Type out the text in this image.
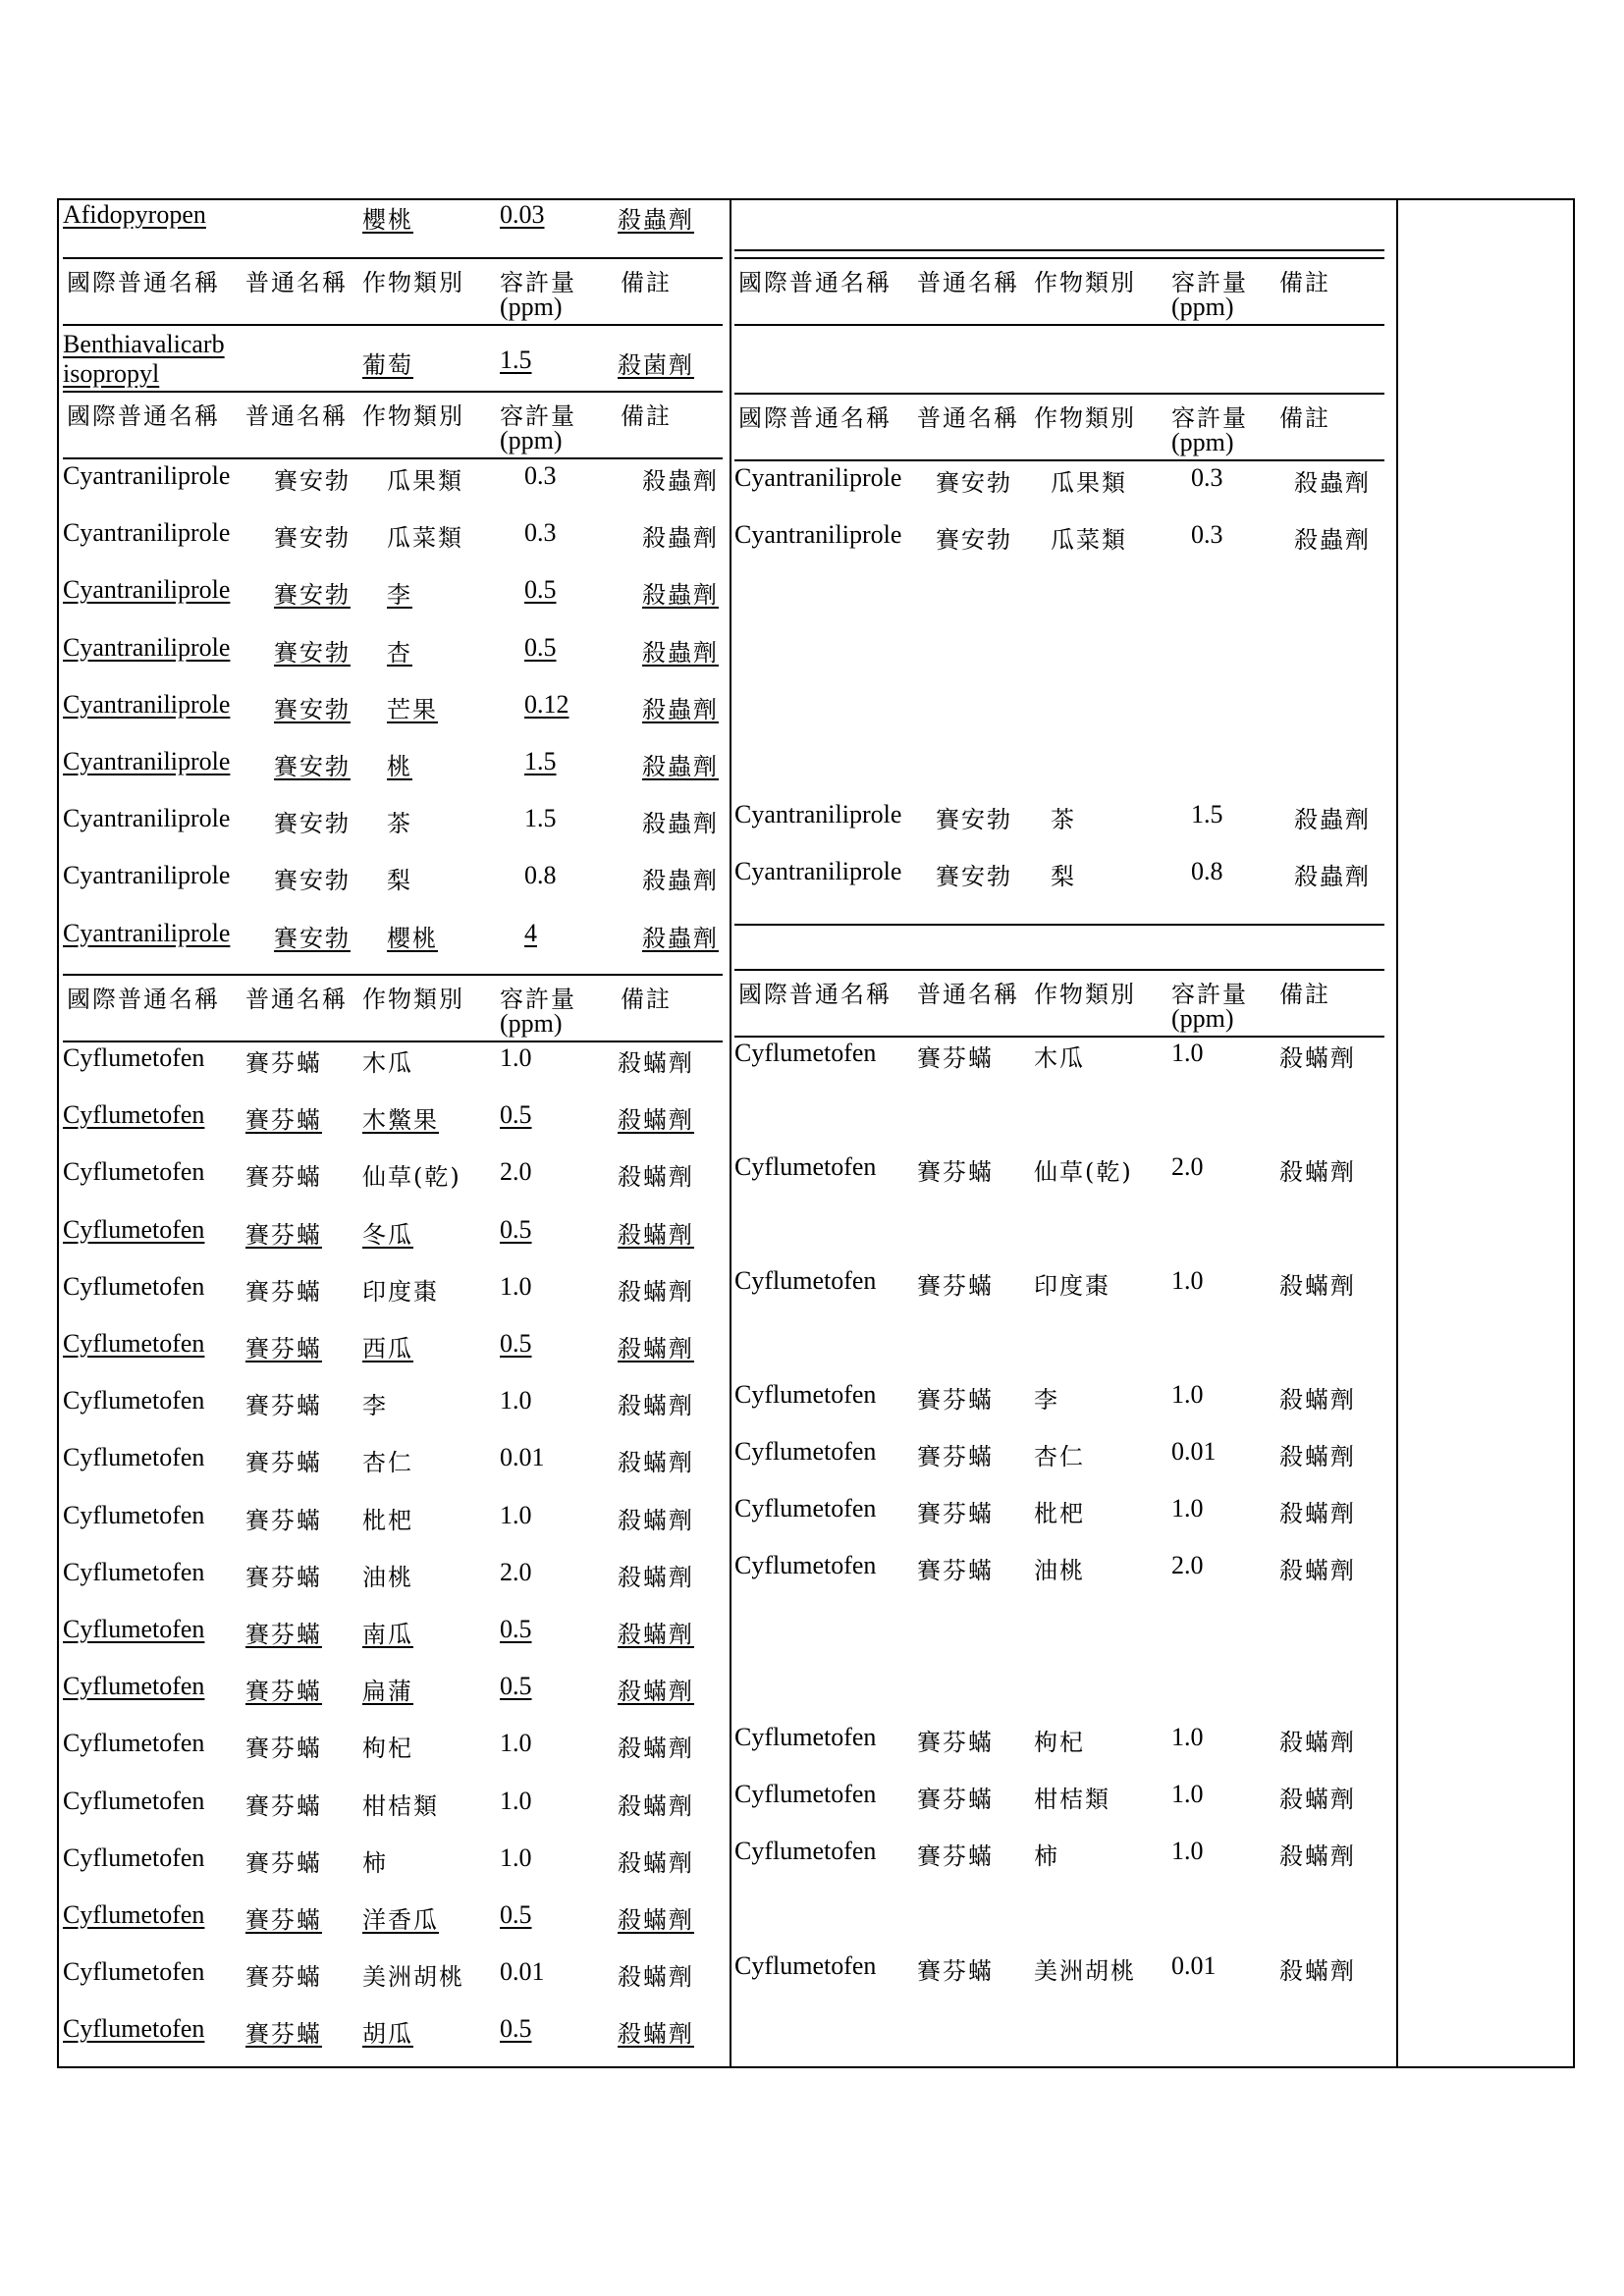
Afidopyropen	櫻桃	0.03	殺蟲劑
國際普通名稱 普通名稱 作物類別 容許量
(ppm)
備註
Benthiavalicarb
isopropyl	葡萄	1.5	殺菌劑
國際普通名稱 普通名稱 作物類別 容許量
(ppm)
備註
Cyantraniliprole 賽安勃 瓜果類 0.3	殺蟲劑
Cyantraniliprole 賽安勃 瓜菜類 0.3	殺蟲劑
Cyantraniliprole 賽安勃 李	0.5	殺蟲劑
Cyantraniliprole 賽安勃 杏	0.5	殺蟲劑
Cyantraniliprole 賽安勃 芒果	0.12	殺蟲劑
Cyantraniliprole 賽安勃 桃	1.5	殺蟲劑
Cyantraniliprole 賽安勃 茶	1.5	殺蟲劑
Cyantraniliprole 賽安勃 梨	0.8	殺蟲劑
Cyantraniliprole 賽安勃 櫻桃	4	殺蟲劑
國際普通名稱 普通名稱 作物類別 容許量
(ppm)
備註
Cyflumetofen 賽芬蟎 木瓜	1.0	殺蟎劑
Cyflumetofen 賽芬蟎 木鱉果 0.5	殺蟎劑
Cyflumetofen 賽芬蟎 仙草(乾) 2.0	殺蟎劑
Cyflumetofen 賽芬蟎 冬瓜	0.5	殺蟎劑
Cyflumetofen 賽芬蟎 印度棗 1.0	殺蟎劑
Cyflumetofen 賽芬蟎 西瓜	0.5	殺蟎劑
Cyflumetofen 賽芬蟎 李	1.0	殺蟎劑
Cyflumetofen 賽芬蟎 杏仁	0.01	殺蟎劑
Cyflumetofen 賽芬蟎 枇杷	1.0	殺蟎劑
Cyflumetofen 賽芬蟎 油桃	2.0	殺蟎劑
Cyflumetofen 賽芬蟎 南瓜	0.5	殺蟎劑
Cyflumetofen 賽芬蟎 扁蒲	0.5	殺蟎劑
Cyflumetofen 賽芬蟎 枸杞	1.0	殺蟎劑
Cyflumetofen 賽芬蟎 柑桔類 1.0	殺蟎劑
Cyflumetofen 賽芬蟎 柿	1.0	殺蟎劑
Cyflumetofen 賽芬蟎 洋香瓜 0.5	殺蟎劑
Cyflumetofen 賽芬蟎 美洲胡桃 0.01	殺蟎劑
Cyflumetofen 賽芬蟎 胡瓜	0.5	殺蟎劑
國際普通名稱 普通名稱 作物類別 容許量
(ppm)
備註
國際普通名稱 普通名稱 作物類別 容許量
(ppm)
備註
Cyantraniliprole 賽安勃 瓜果類	0.3	殺蟲劑
Cyantraniliprole 賽安勃 瓜菜類	0.3	殺蟲劑
Cyantraniliprole 賽安勃 茶	1.5	殺蟲劑
Cyantraniliprole 賽安勃 梨	0.8	殺蟲劑
國際普通名稱 普通名稱 作物類別 容許量
(ppm)
備註
Cyflumetofen 賽芬蟎 木瓜	1.0	殺蟎劑
Cyflumetofen 賽芬蟎 仙草(乾) 2.0	殺蟎劑
Cyflumetofen 賽芬蟎 印度棗 1.0	殺蟎劑
Cyflumetofen 賽芬蟎 李	1.0	殺蟎劑
Cyflumetofen 賽芬蟎 杏仁	0.01	殺蟎劑
Cyflumetofen 賽芬蟎 枇杷	1.0	殺蟎劑
Cyflumetofen 賽芬蟎 油桃	2.0	殺蟎劑
Cyflumetofen 賽芬蟎 枸杞	1.0	殺蟎劑
Cyflumetofen 賽芬蟎 柑桔類 1.0	殺蟎劑
Cyflumetofen 賽芬蟎 柿	1.0	殺蟎劑
Cyflumetofen 賽芬蟎 美洲胡桃 0.01	殺蟎劑
